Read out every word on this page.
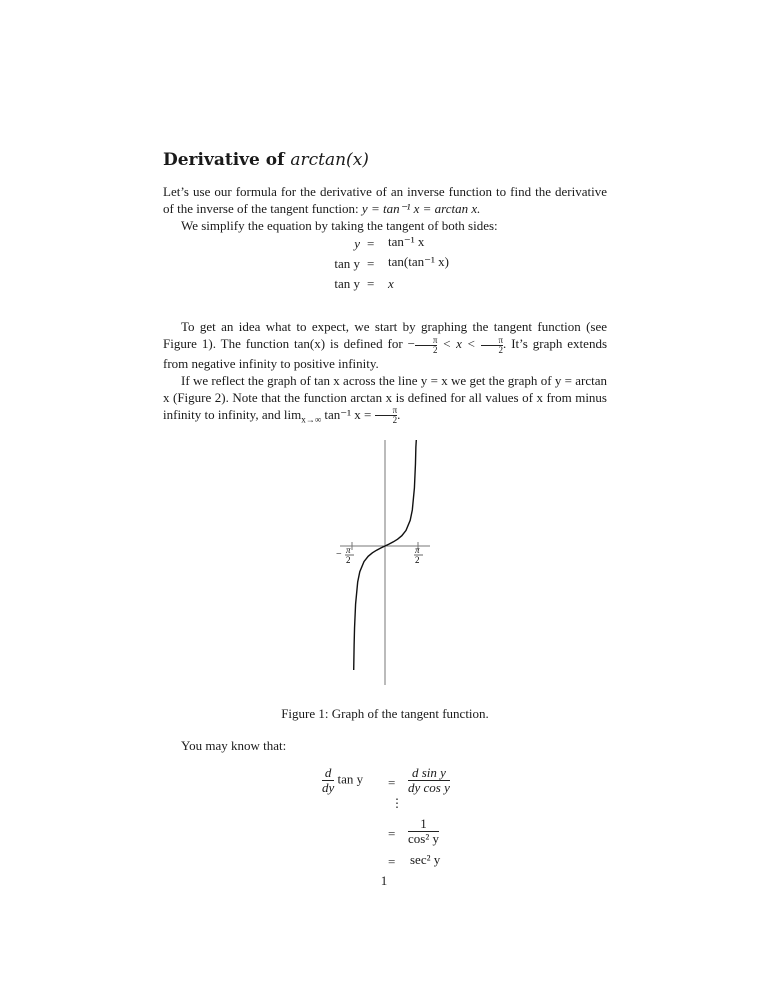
Derivative of arctan(x)

Let’s use our formula for the derivative of an inverse function to find the derivative of the inverse of the tangent function: y = tan⁻¹ x = arctan x.

We simplify the equation by taking the tangent of both sides:

y = tan⁻¹ x
tan y = tan(tan⁻¹ x)
tan y = x

To get an idea what to expect, we start by graphing the tangent function (see Figure 1). The function tan(x) is defined for − $\frac{\pi}{2} < x < \frac{\pi}{2}$ . It’s graph extends from negative infinity to positive infinity.

If we reflect the graph of tan x across the line y = x we get the graph of y = arctan x (Figure 2). Note that the function arctan x is defined for all values of x from minus infinity to infinity, and $\lim_{x\to\infty} \tan^{-1}$ $x = \frac{\pi}{2}$ .

− π
2
π
2
Figure 1: Graph of the tangent function.

You may know that:

$\frac{d}{dy}$ $\tan y = \frac{\text{d sin y}}{\text{dy cos y}}$
⋮
= $\frac{1}{\text{cos² y}}$
= sec² y
1
